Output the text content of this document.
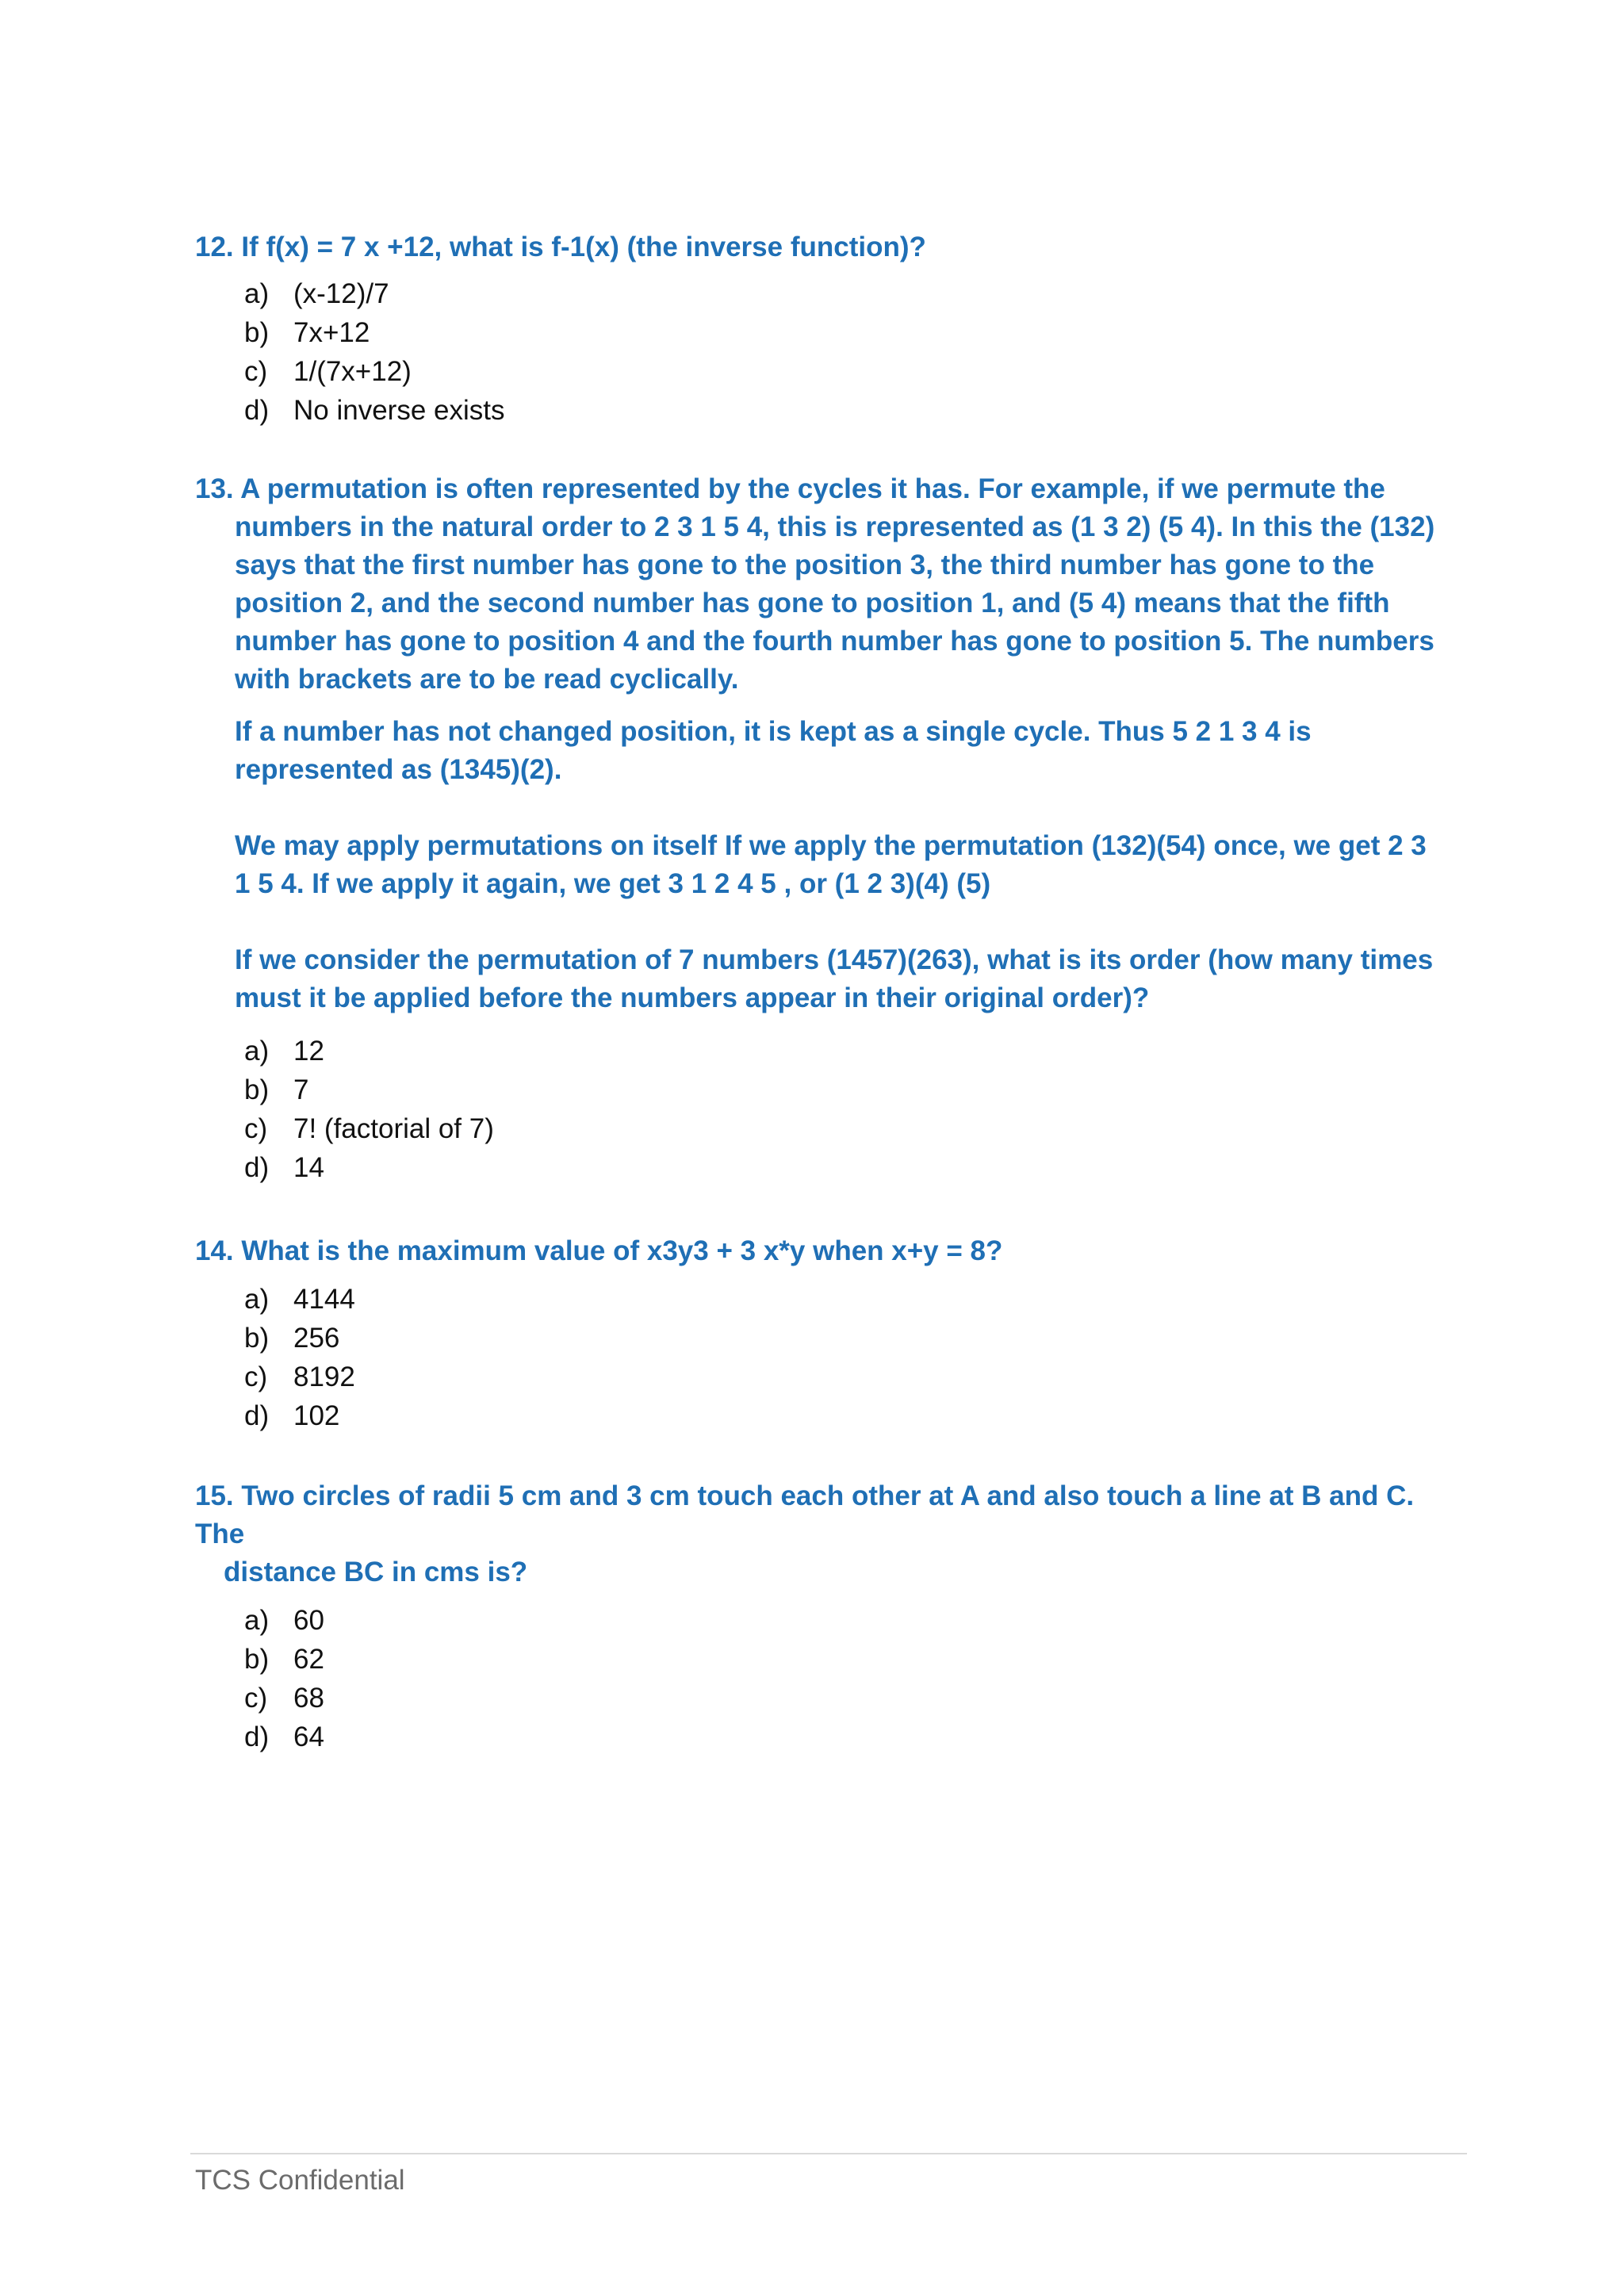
12. If f(x) = 7 x +12, what is f-1(x) (the inverse function)?

a) (x-12)/7
b) 7x+12
c) 1/(7x+12)
d) No inverse exists

13. A permutation is often represented by the cycles it has. For example, if we permute the

numbers in the natural order to 2 3 1 5 4, this is represented as (1 3 2) (5 4). In this the (132) says that the first number has gone to the position 3, the third number has gone to the position 2, and the second number has gone to position 1, and (5 4) means that the fifth number has gone to position 4 and the fourth number has gone to position 5. The numbers with brackets are to be read cyclically.

If a number has not changed position, it is kept as a single cycle. Thus 5 2 1 3 4 is represented as (1345)(2).

We may apply permutations on itself If we apply the permutation (132)(54) once, we get 2 3 1 5 4. If we apply it again, we get 3 1 2 4 5 , or (1 2 3)(4) (5)

If we consider the permutation of 7 numbers (1457)(263), what is its order (how many times must it be applied before the numbers appear in their original order)?

a) 12
b) 7
c) 7! (factorial of 7)
d) 14

14. What is the maximum value of x3y3 + 3 x*y when x+y = 8?

a) 4144
b) 256
c) 8192
d) 102

15. Two circles of radii 5 cm and 3 cm touch each other at A and also touch a line at B and C. The

distance BC in cms is?

a) 60
b) 62
c) 68
d) 64
TCS Confidential
